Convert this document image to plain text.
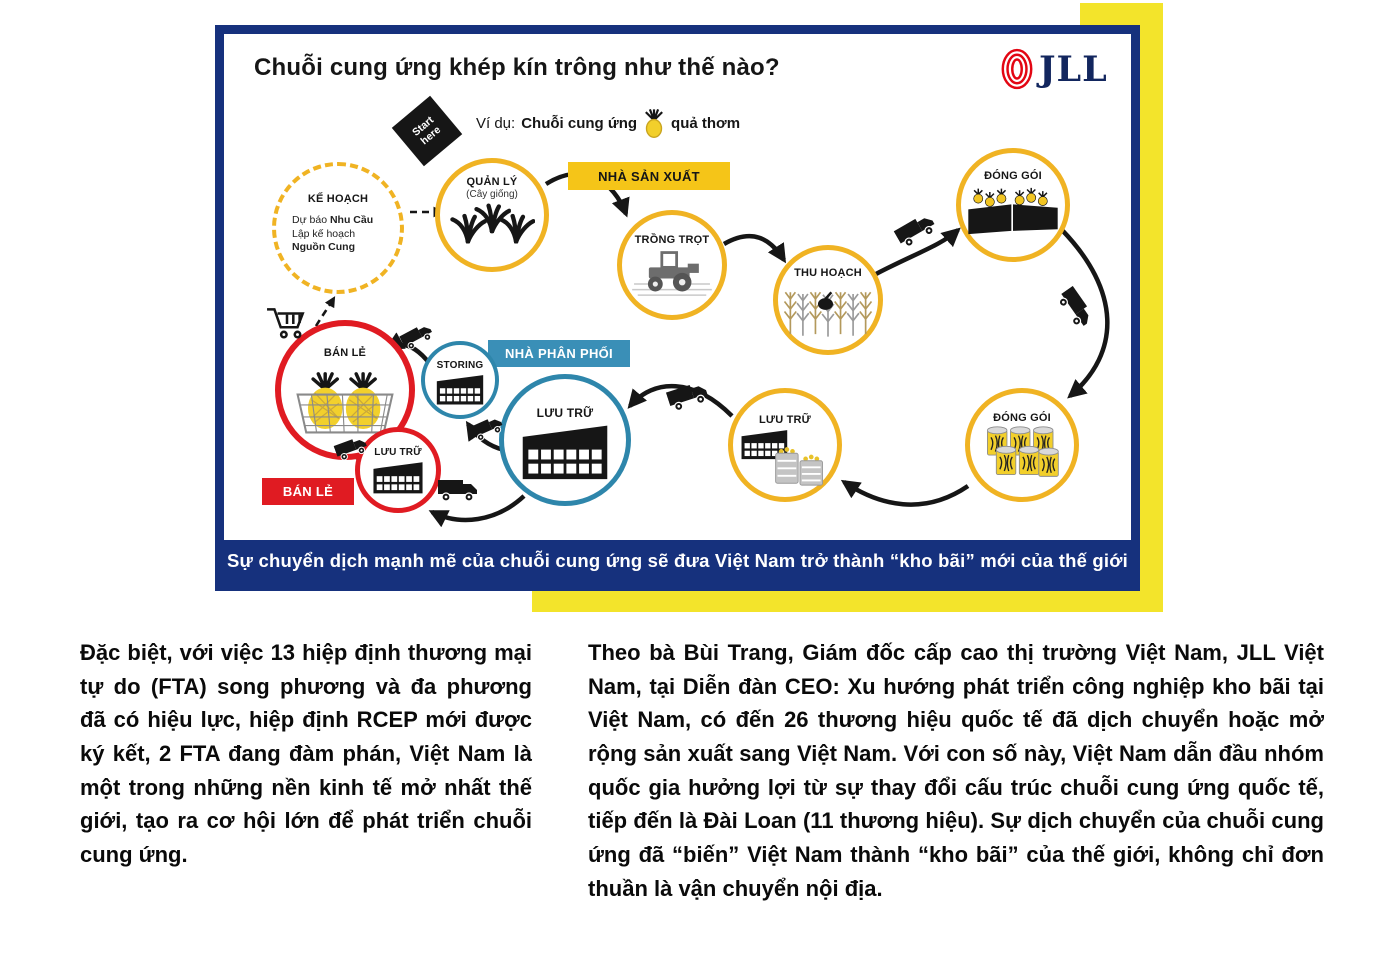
Chuỗi cung ứng khép kín trông như thế nào?	JLL
Start here
Ví dụ: Chuỗi cung ứng quả thơm
KẾ HOẠCH
Dự báo Nhu Cầu
Lập kế hoạch Nguồn Cung
QUẢN LÝ
(Cây giống)
NHÀ SẢN XUẤT
TRỒNG TRỌT
THU HOẠCH
ĐÓNG GÓI
ĐÓNG GÓI
LƯU TRỮ
NHÀ PHÂN PHỐI
LƯU TRỮ
STORING
BÁN LẺ
LƯU TRỮ
BÁN LẺ
Sự chuyển dịch mạnh mẽ của chuỗi cung ứng sẽ đưa Việt Nam trở thành “kho bãi” mới của thế giới
Đặc biệt, với việc 13 hiệp định thương mại tự do (FTA) song phương và đa phương đã có hiệu lực, hiệp định RCEP mới được ký kết, 2 FTA đang đàm phán, Việt Nam là một trong những nền kinh tế mở nhất thế giới, tạo ra cơ hội lớn để phát triển chuỗi cung ứng.
Theo bà Bùi Trang, Giám đốc cấp cao thị trường Việt Nam, JLL Việt Nam, tại Diễn đàn CEO: Xu hướng phát triển công nghiệp kho bãi tại Việt Nam, có đến 26 thương hiệu quốc tế đã dịch chuyển hoặc mở rộng sản xuất sang Việt Nam. Với con số này, Việt Nam dẫn đầu nhóm quốc gia hưởng lợi từ sự thay đổi cấu trúc chuỗi cung ứng quốc tế, tiếp đến là Đài Loan (11 thương hiệu). Sự dịch chuyển của chuỗi cung ứng đã “biến” Việt Nam thành “kho bãi” của thế giới, không chỉ đơn thuần là vận chuyển nội địa.
